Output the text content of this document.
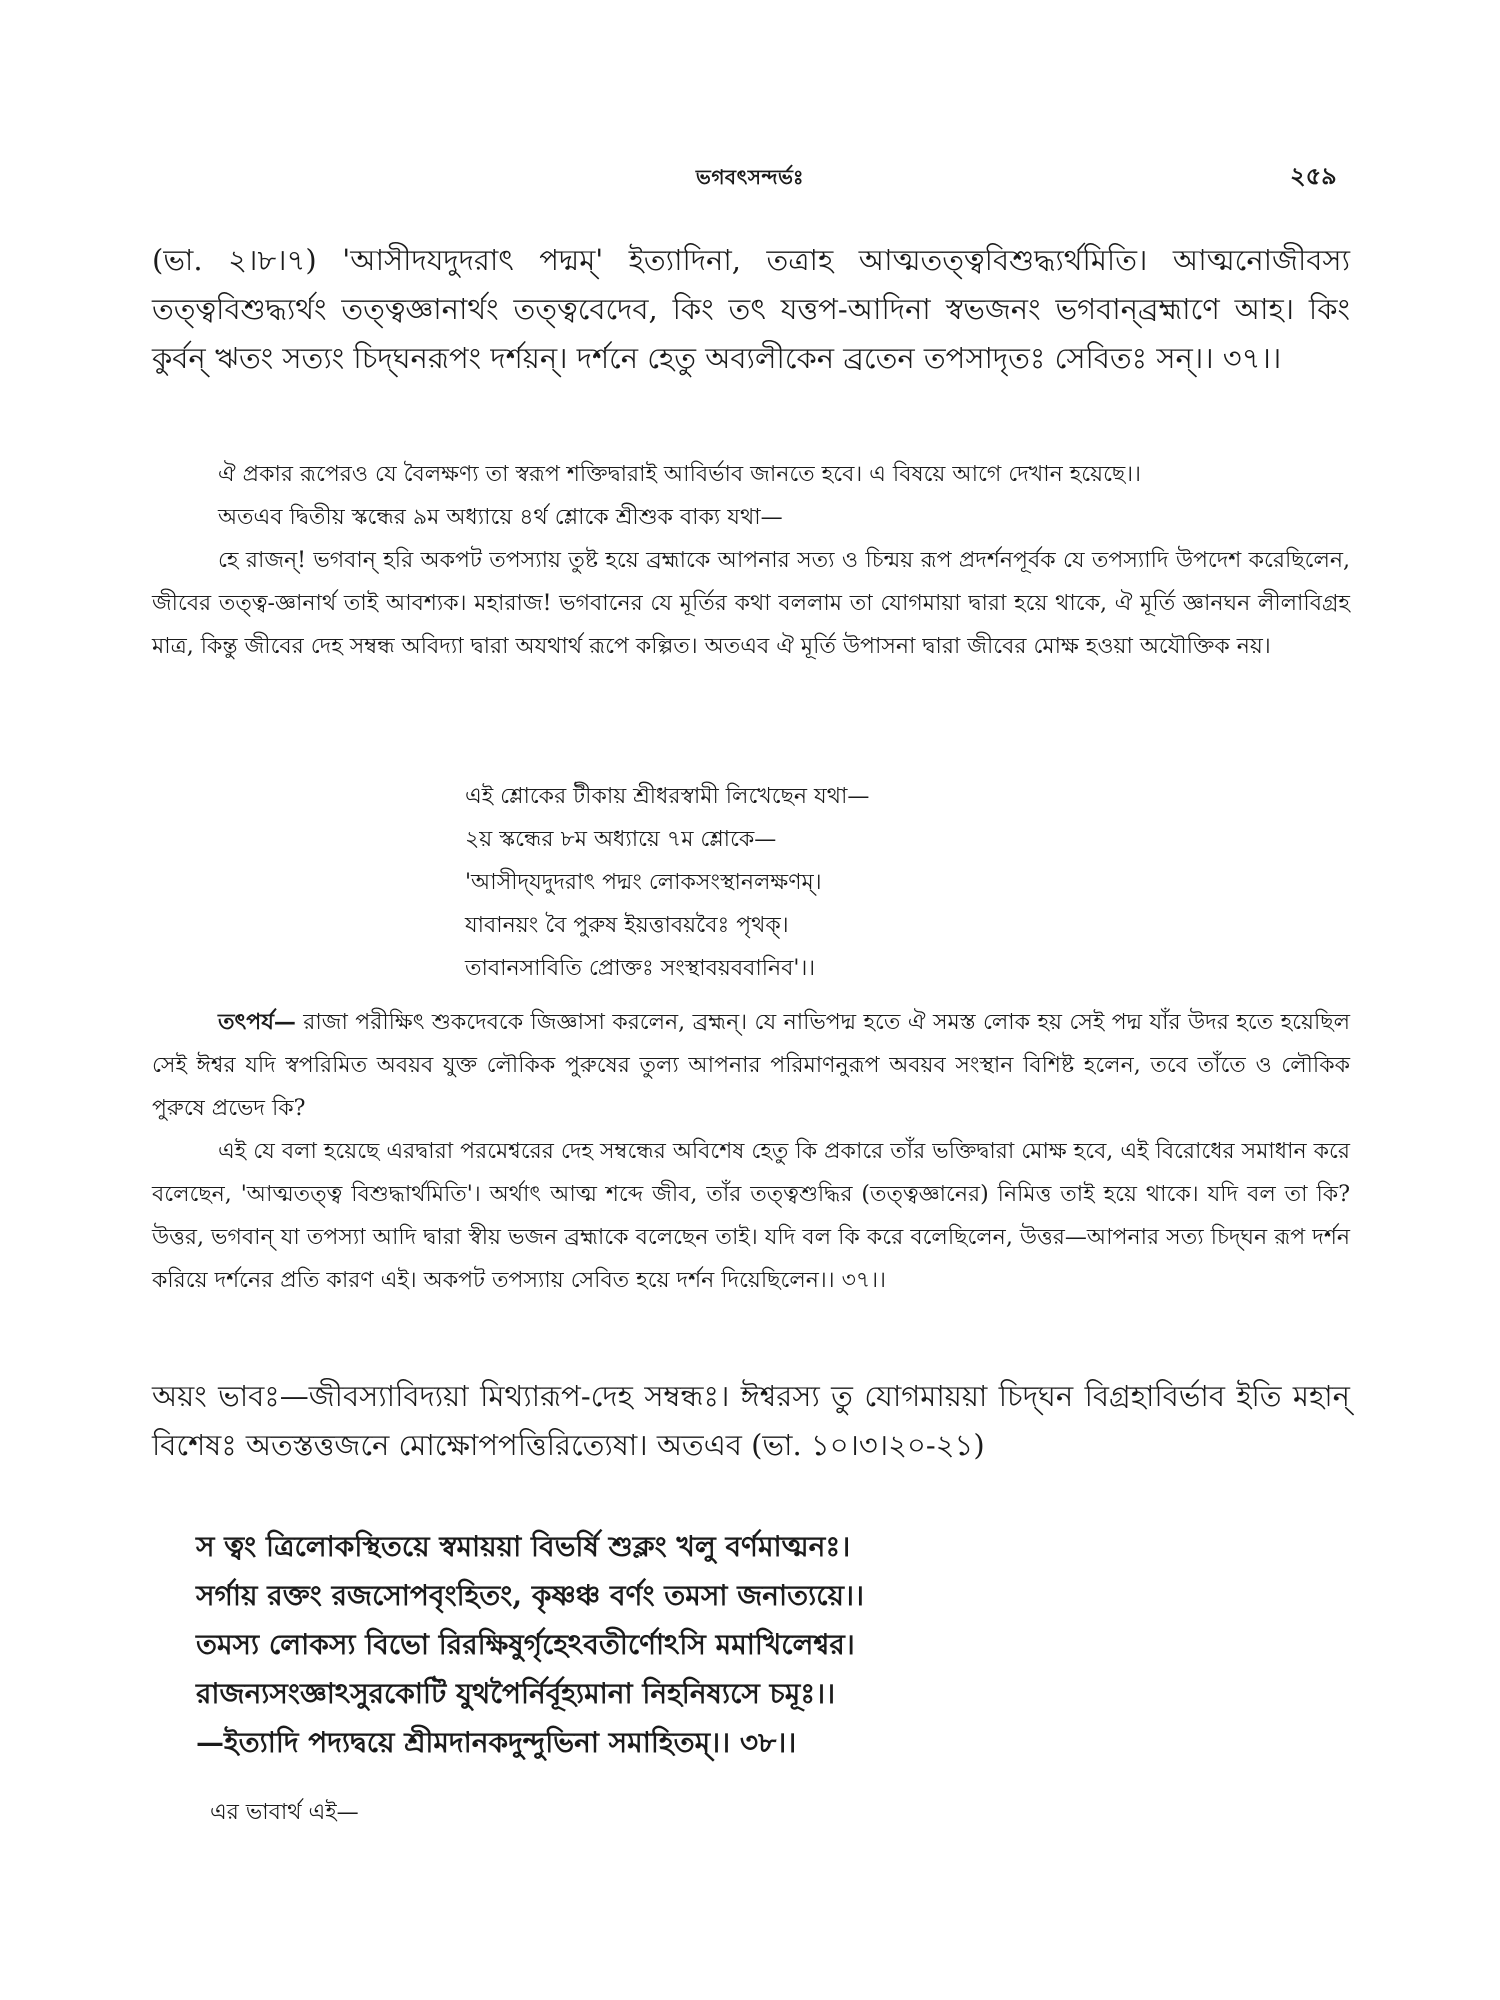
ভগবৎসন্দর্ভঃ	২৫৯

(ভা. ২।৮।৭) 'আসীদযদুদরাৎ পদ্মম্' ইত্যাদিনা, তত্রাহ আত্মতত্ত্ববিশুদ্ধ্যর্থমিতি। আত্মনোজীবস্য তত্ত্ববিশুদ্ধ্যর্থং তত্ত্বজ্ঞানার্থং তত্ত্ববেদেব, কিং তৎ যত্তপ-আদিনা স্বভজনং ভগবান্‌ব্রহ্মাণে আহ। কিং কুর্বন্ ঋতং সত্যং চিদ্‌ঘনরূপং দর্শয়ন্। দর্শনে হেতু অব্যলীকেন ব্রতেন তপসাদৃতঃ সেবিতঃ সন্।। ৩৭।।

ঐ প্রকার রূপেরও যে বৈলক্ষণ্য তা স্বরূপ শক্তিদ্বারাই আবির্ভাব জানতে হবে। এ বিষয়ে আগে দেখান হয়েছে।।

অতএব দ্বিতীয় স্কন্ধের ৯ম অধ্যায়ে ৪র্থ শ্লোকে শ্রীশুক বাক্য যথা—

হে রাজন্! ভগবান্ হরি অকপট তপস্যায় তুষ্ট হয়ে ব্রহ্মাকে আপনার সত্য ও চিন্ময় রূপ প্রদর্শনপূর্বক যে তপস্যাদি উপদেশ করেছিলেন, জীবের তত্ত্ব-জ্ঞানার্থ তাই আবশ্যক। মহারাজ! ভগবানের যে মূর্তির কথা বললাম তা যোগমায়া দ্বারা হয়ে থাকে, ঐ মূর্তি জ্ঞানঘন লীলাবিগ্রহ মাত্র, কিন্তু জীবের দেহ সম্বন্ধ অবিদ্যা দ্বারা অযথার্থ রূপে কল্পিত। অতএব ঐ মূর্তি উপাসনা দ্বারা জীবের মোক্ষ হওয়া অযৌক্তিক নয়।

এই শ্লোকের টীকায় শ্রীধরস্বামী লিখেছেন যথা—
২য় স্কন্ধের ৮ম অধ্যায়ে ৭ম শ্লোকে—
'আসীদ্‌যদুদরাৎ পদ্মং লোকসংস্থানলক্ষণম্।
যাবানয়ং বৈ পুরুষ ইয়ত্তাবয়বৈঃ পৃথক্।
তাবানসাবিতি প্রোক্তঃ সংস্থাবয়ববানিব'।।

তৎপর্য— রাজা পরীক্ষিৎ শুকদেবকে জিজ্ঞাসা করলেন, ব্রহ্মন্। যে নাভিপদ্ম হতে ঐ সমস্ত লোক হয় সেই পদ্ম যাঁর উদর হতে হয়েছিল সেই ঈশ্বর যদি স্বপরিমিত অবয়ব যুক্ত লৌকিক পুরুষের তুল্য আপনার পরিমাণনুরূপ অবয়ব সংস্থান বিশিষ্ট হলেন, তবে তাঁতে ও লৌকিক পুরুষে প্রভেদ কি?

এই যে বলা হয়েছে এরদ্বারা পরমেশ্বরের দেহ সম্বন্ধের অবিশেষ হেতু কি প্রকারে তাঁর ভক্তিদ্বারা মোক্ষ হবে, এই বিরোধের সমাধান করে বলেছেন, 'আত্মতত্ত্ব বিশুদ্ধার্থমিতি'। অর্থাৎ আত্ম শব্দে জীব, তাঁর তত্ত্বশুদ্ধির (তত্ত্বজ্ঞানের) নিমিত্ত তাই হয়ে থাকে। যদি বল তা কি? উত্তর, ভগবান্ যা তপস্যা আদি দ্বারা স্বীয় ভজন ব্রহ্মাকে বলেছেন তাই। যদি বল কি করে বলেছিলেন, উত্তর—আপনার সত্য চিদ্‌ঘন রূপ দর্শন করিয়ে দর্শনের প্রতি কারণ এই। অকপট তপস্যায় সেবিত হয়ে দর্শন দিয়েছিলেন।। ৩৭।।

অয়ং ভাবঃ—জীবস্যাবিদ্যয়া মিথ্যারূপ-দেহ সম্বন্ধঃ। ঈশ্বরস্য তু যোগমায়য়া চিদ্‌ঘন বিগ্রহাবির্ভাব ইতি মহান্ বিশেষঃ অতস্তত্তজনে মোক্ষোপপত্তিরিত্যেষা। অতএব (ভা. ১০।৩।২০-২১)

স ত্বং ত্রিলোকস্থিতয়ে স্বমায়য়া বিভর্ষি শুক্লং খলু বর্ণমাত্মনঃ।
সর্গায় রক্তং রজসোপবৃংহিতং, কৃষ্ণঞ্চ বর্ণং তমসা জনাত্যয়ে।।
তমস্য লোকস্য বিভো রিরক্ষিষুর্গৃহেঽবতীর্ণোঽসি মমাখিলেশ্বর।
রাজন্যসংজ্ঞাঽসুরকোটি যুথপৈর্নির্বূহ্যমানা নিহনিষ্যসে চমূঃ।।
—ইত্যাদি পদ্যদ্বয়ে শ্রীমদানকদুন্দুভিনা সমাহিতম্।। ৩৮।।
এর ভাবার্থ এই—
